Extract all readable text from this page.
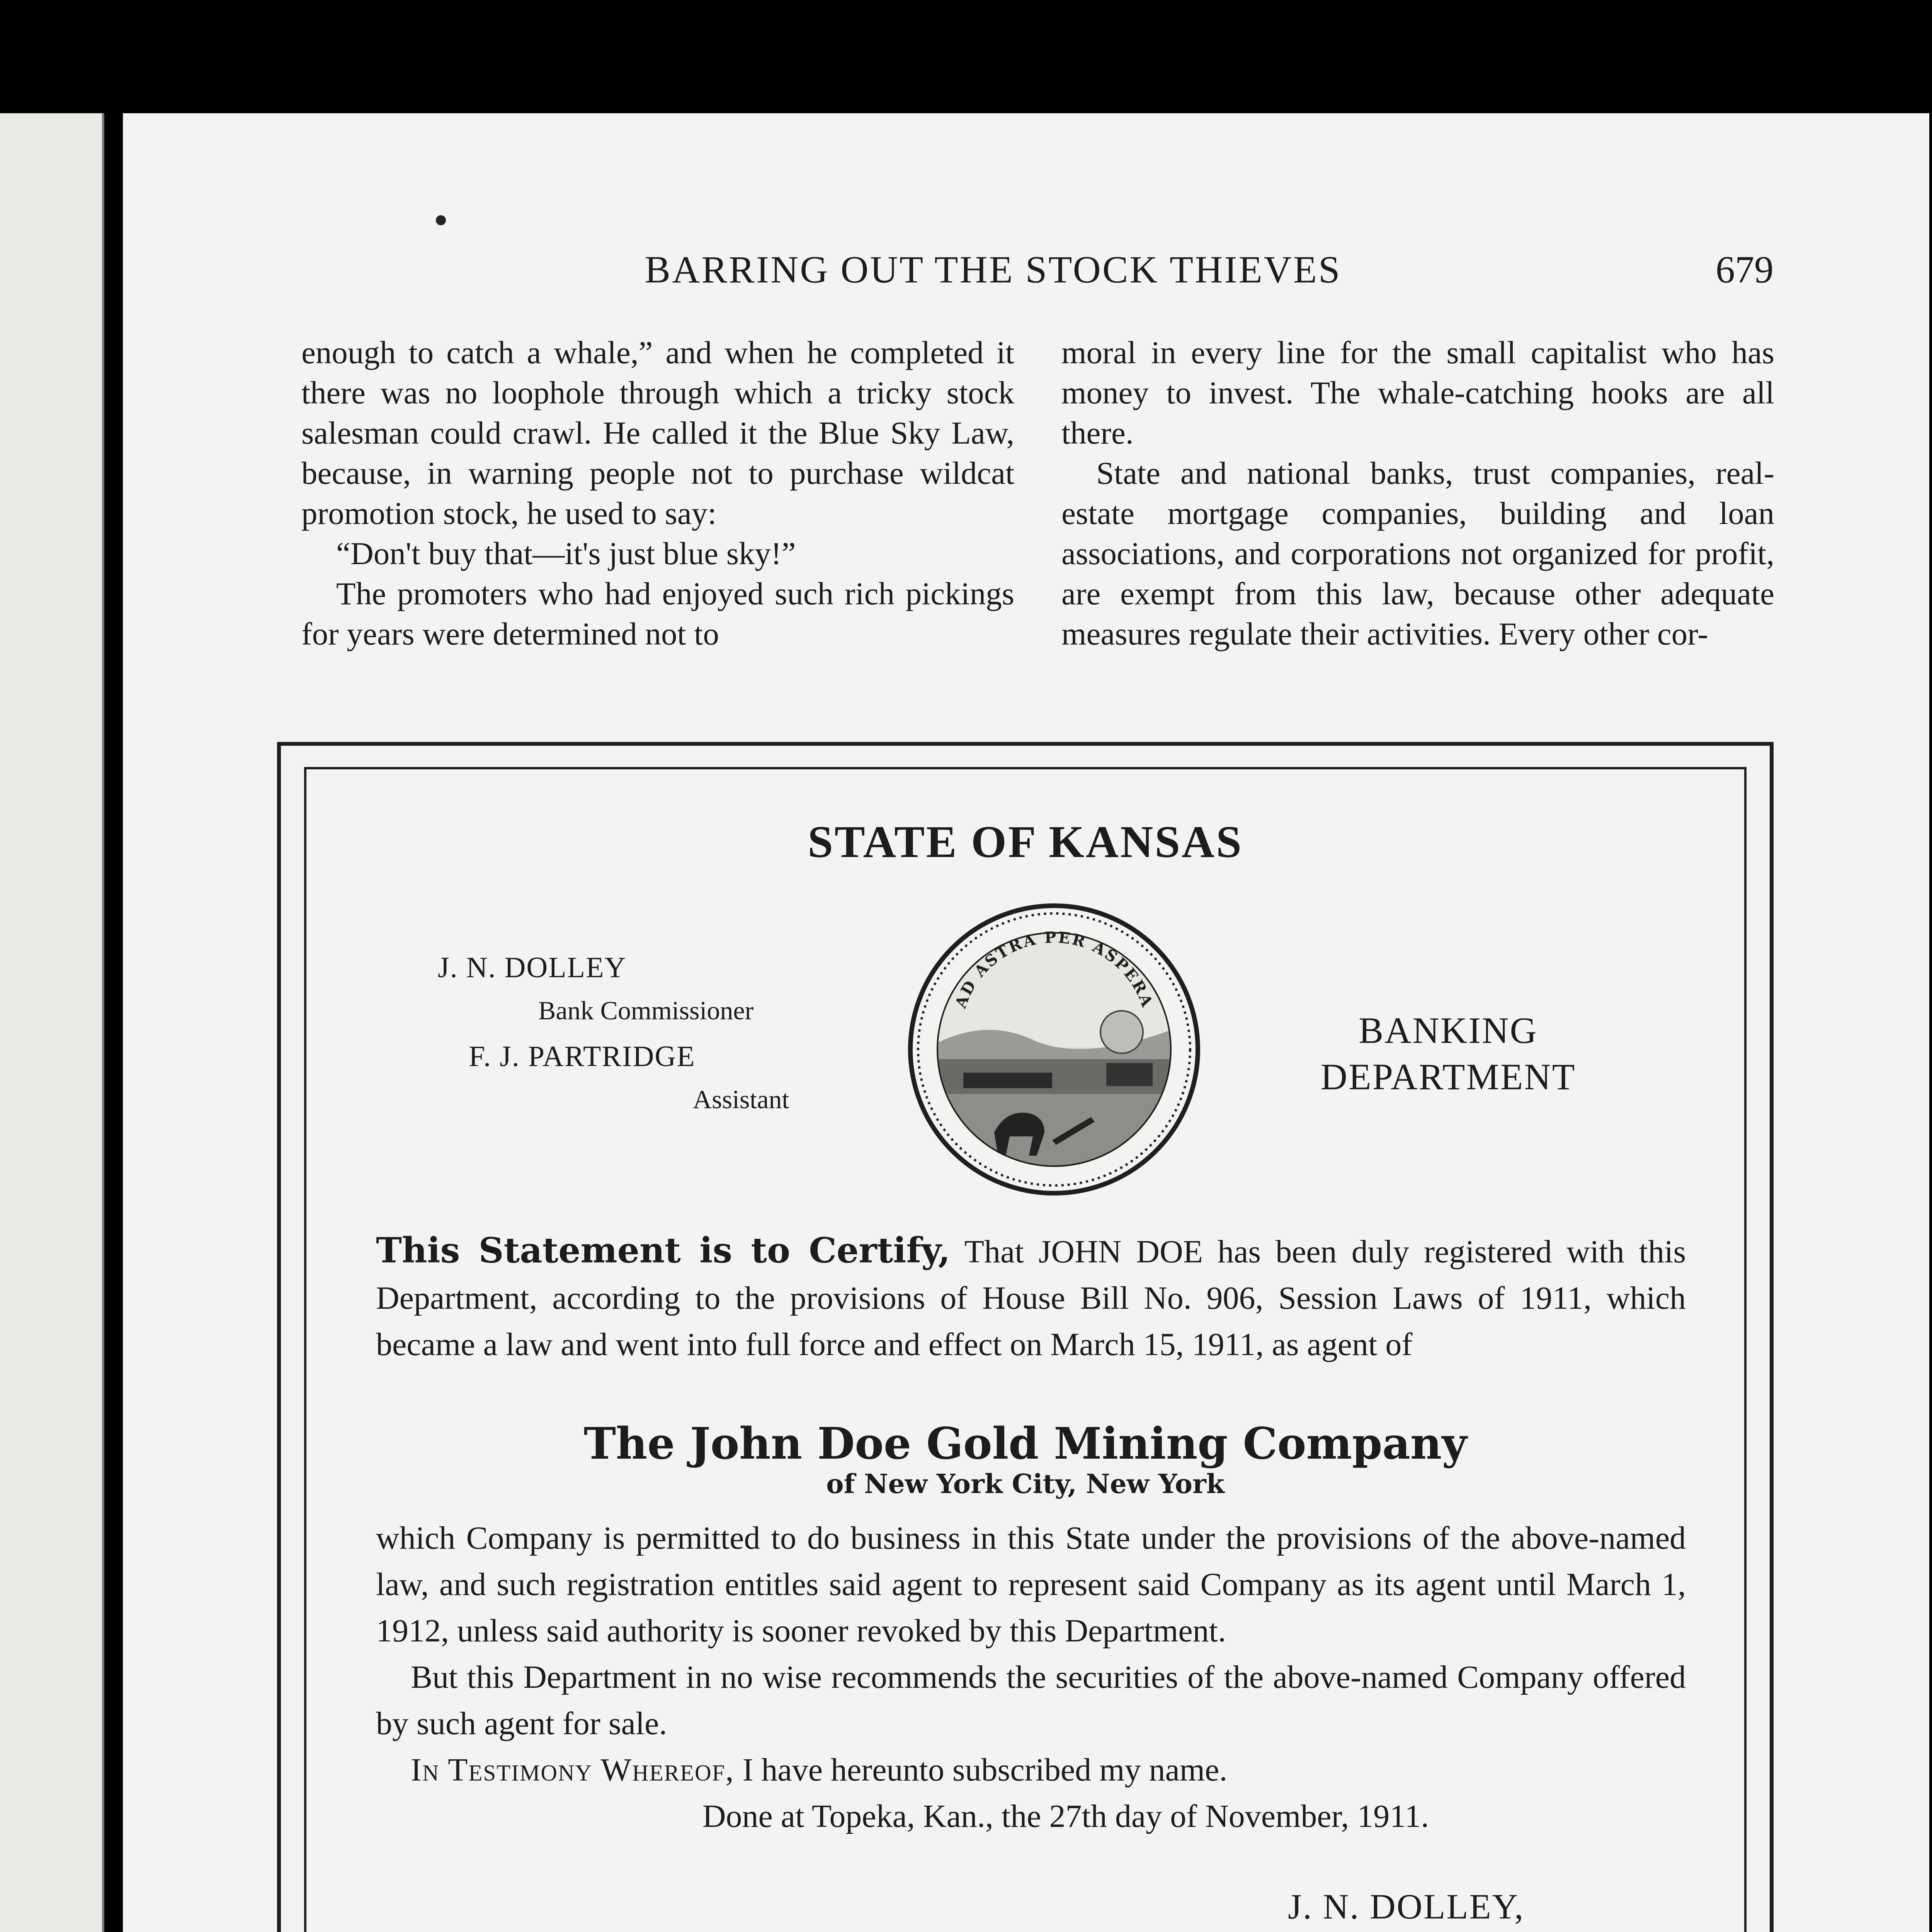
BARRING OUT THE STOCK THIEVES	679

enough to catch a whale,” and when he completed it there was no loophole through which a tricky stock salesman could crawl. He called it the Blue Sky Law, because, in warning people not to purchase wildcat promotion stock, he used to say:

“Don't buy that—it's just blue sky!”

The promoters who had enjoyed such rich pickings for years were determined not to

moral in every line for the small capitalist who has money to invest. The whale-catching hooks are all there.

State and national banks, trust companies, real-estate mortgage companies, building and loan associations, and corporations not organized for profit, are exempt from this law, because other adequate measures regulate their activities. Every other cor-

STATE OF KANSAS
J. N. DOLLEY
Bank Commissioner
F. J. PARTRIDGE
Assistant
AD ASTRA PER ASPERA
BANKING
DEPARTMENT

This Statement is to Certify, That JOHN DOE has been duly registered with this Department, according to the provisions of House Bill No. 906, Session Laws of 1911, which became a law and went into full force and effect on March 15, 1911, as agent of

The John Doe Gold Mining Company
of New York City, New York

which Company is permitted to do business in this State under the provisions of the above-named law, and such registration entitles said agent to represent said Company as its agent until March 1, 1912, unless said authority is sooner revoked by this Department.

But this Department in no wise recommends the securities of the above-named Company offered by such agent for sale.

In Testimony Whereof, I have hereunto subscribed my name.

Done at Topeka, Kan., the 27th day of November, 1911.

J. N. DOLLEY,
